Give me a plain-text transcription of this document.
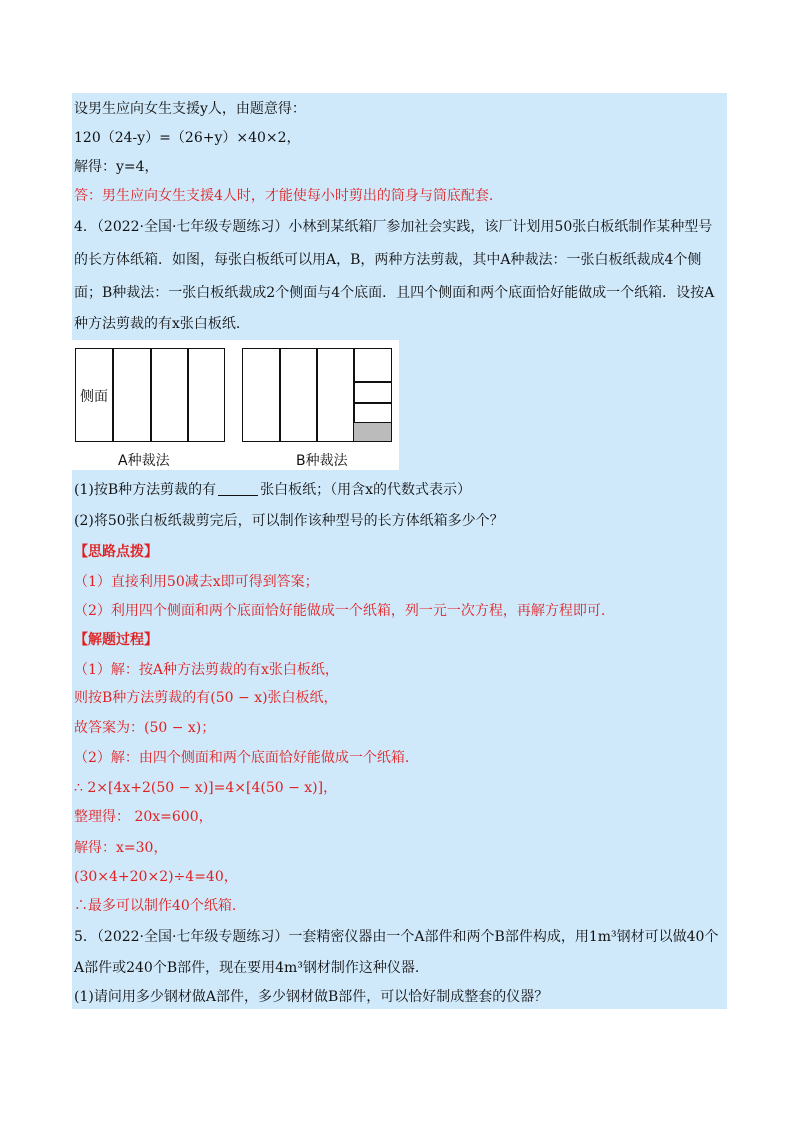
设男生应向女生支援y人，由题意得：
120（24-y）=（26+y）×40×2，
解得：y=4，
答：男生应向女生支援4人时，才能使每小时剪出的筒身与筒底配套.
4．（2022·全国·七年级专题练习）小林到某纸箱厂参加社会实践，该厂计划用50张白板纸制作某种型号
的长方体纸箱．如图，每张白板纸可以用A，B，两种方法剪裁，其中A种裁法：一张白板纸裁成4个侧
面；B种裁法：一张白板纸裁成2个侧面与4个底面．且四个侧面和两个底面恰好能做成一个纸箱．设按A
种方法剪裁的有x张白板纸.
侧面
A种裁法	B种裁法
(1)按B种方法剪裁的有	张白板纸；（用含x的代数式表示）
(2)将50张白板纸裁剪完后，可以制作该种型号的长方体纸箱多少个？
【思路点拨】
（1）直接利用50减去x即可得到答案；
（2）利用四个侧面和两个底面恰好能做成一个纸箱，列一元一次方程，再解方程即可.
【解题过程】
（1）解：按A种方法剪裁的有x张白板纸，
则按B种方法剪裁的有(50 − x)张白板纸，
故答案为：(50 − x)；
（2）解：由四个侧面和两个底面恰好能做成一个纸箱.
∴ 2×[4x+2(50 − x)]=4×[4(50 − x)]，
整理得： 20x=600，
解得：x=30，
(30×4+20×2)÷4=40，
∴最多可以制作40个纸箱.
5．（2022·全国·七年级专题练习）一套精密仪器由一个A部件和两个B部件构成，用1m³钢材可以做40个
A部件或240个B部件，现在要用4m³钢材制作这种仪器.
(1)请问用多少钢材做A部件，多少钢材做B部件，可以恰好制成整套的仪器？
